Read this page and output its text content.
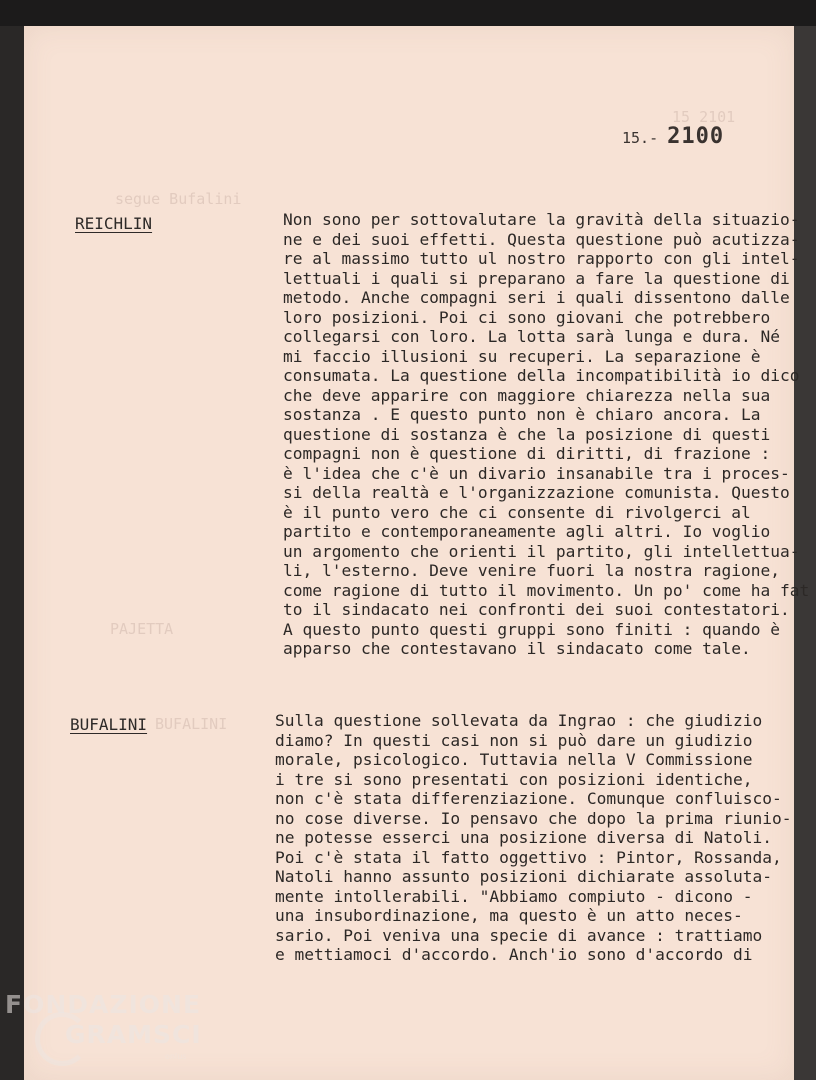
segue Bufalini
PAJETTA
BUFALINI
15 2101
15.- 2100
REICHLIN	Non sono per sottovalutare la gravità della situazio-
ne e dei suoi effetti. Questa questione può acutizza-
re al massimo tutto ul nostro rapporto con gli intel-
lettuali i quali si preparano a fare la questione di
metodo. Anche compagni seri i quali dissentono dalle
loro posizioni. Poi ci sono giovani che potrebbero
collegarsi con loro. La lotta sarà lunga e dura. Né
mi faccio illusioni su recuperi. La separazione è
consumata. La questione della incompatibilità io dico
che deve apparire con maggiore chiarezza nella sua
sostanza . E questo punto non è chiaro ancora. La
questione di sostanza è che la posizione di questi
compagni non è questione di diritti, di frazione :
è l'idea che c'è un divario insanabile tra i proces-
si della realtà e l'organizzazione comunista. Questo
è il punto vero che ci consente di rivolgerci al
partito e contemporaneamente agli altri. Io voglio
un argomento che orienti il partito, gli intellettua-
li, l'esterno. Deve venire fuori la nostra ragione,
come ragione di tutto il movimento. Un po' come ha fat
to il sindacato nei confronti dei suoi contestatori.
A questo punto questi gruppi sono finiti : quando è
apparso che contestavano il sindacato come tale.
BUFALINI	Sulla questione sollevata da Ingrao : che giudizio
diamo? In questi casi non si può dare un giudizio
morale, psicologico. Tuttavia nella V Commissione
i tre si sono presentati con posizioni identiche,
non c'è stata differenziazione. Comunque confluisco-
no cose diverse. Io pensavo che dopo la prima riunio-
ne potesse esserci una posizione diversa di Natoli.
Poi c'è stata il fatto oggettivo : Pintor, Rossanda,
Natoli hanno assunto posizioni dichiarate assoluta-
mente intollerabili. "Abbiamo compiuto - dicono -
una insubordinazione, ma questo è un atto neces-
sario. Poi veniva una specie di avance : trattiamo
e mettiamoci d'accordo. Anch'io sono d'accordo di
FONDAZIONE
GRAMSCI
onlus
